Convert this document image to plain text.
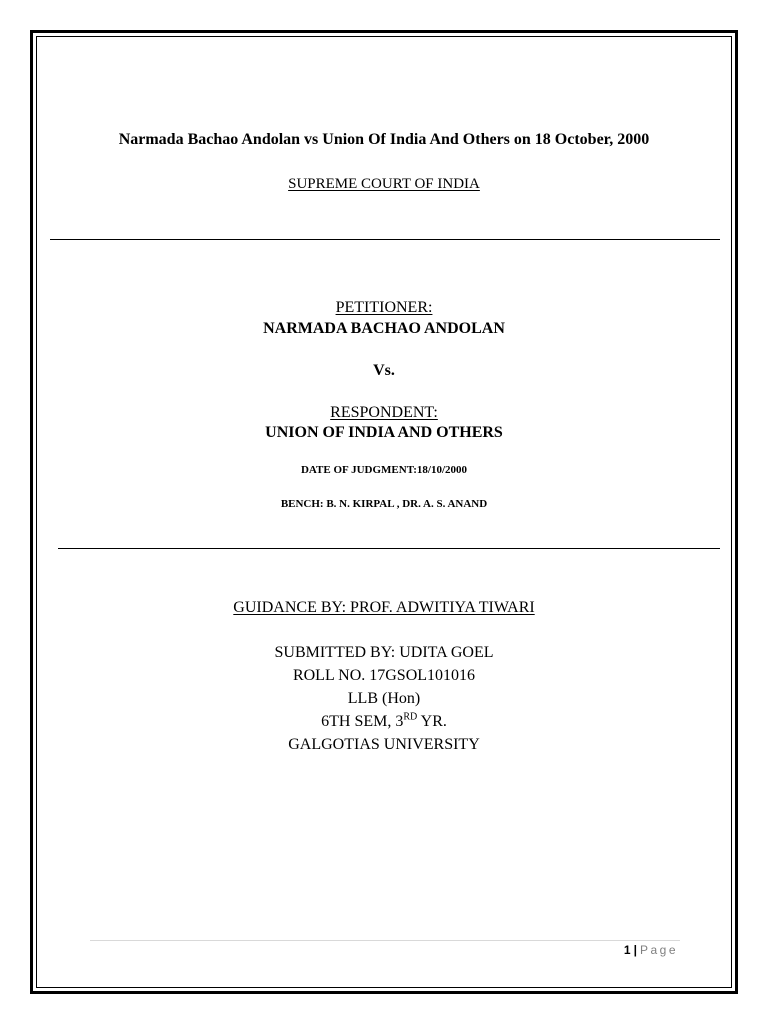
Narmada Bachao Andolan vs Union Of India And Others on 18 October, 2000
SUPREME COURT OF INDIA
PETITIONER:
NARMADA BACHAO ANDOLAN
Vs.
RESPONDENT:
UNION OF INDIA AND OTHERS
DATE OF JUDGMENT:18/10/2000
BENCH: B. N. KIRPAL , DR. A. S. ANAND
GUIDANCE BY: PROF. ADWITIYA TIWARI
SUBMITTED BY: UDITA GOEL
ROLL NO. 17GSOL101016
LLB (Hon)
6TH SEM, 3RD YR.
GALGOTIAS UNIVERSITY
1 | Page
